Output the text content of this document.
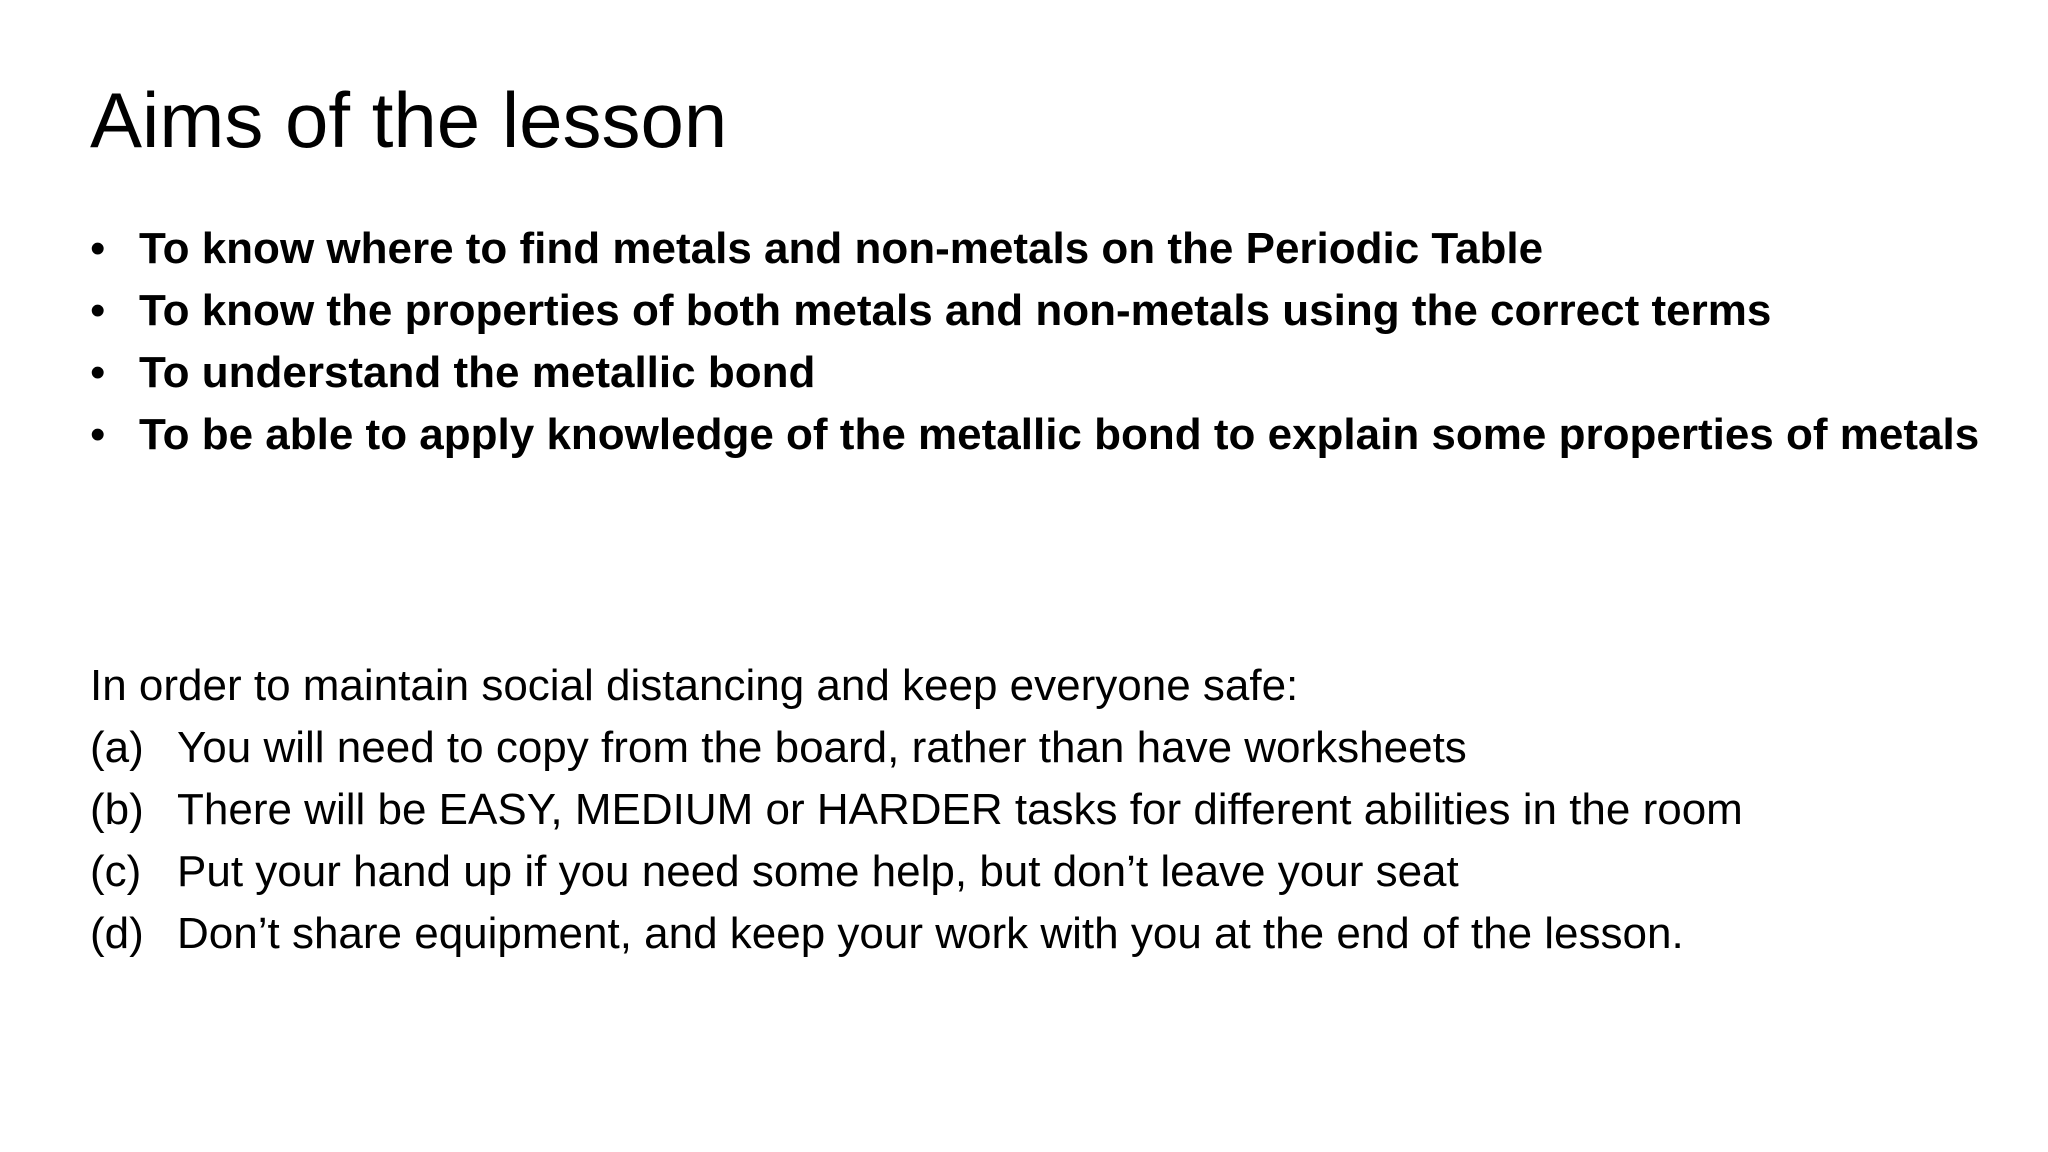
Aims of the lesson
• To know where to find metals and non-metals on the Periodic Table
• To know the properties of both metals and non-metals using the correct terms
• To understand the metallic bond
• To be able to apply knowledge of the metallic bond to explain some properties of metals
In order to maintain social distancing and keep everyone safe:
(a) You will need to copy from the board, rather than have worksheets
(b) There will be EASY, MEDIUM or HARDER tasks for different abilities in the room
(c) Put your hand up if you need some help, but don’t leave your seat
(d) Don’t share equipment, and keep your work with you at the end of the lesson.
